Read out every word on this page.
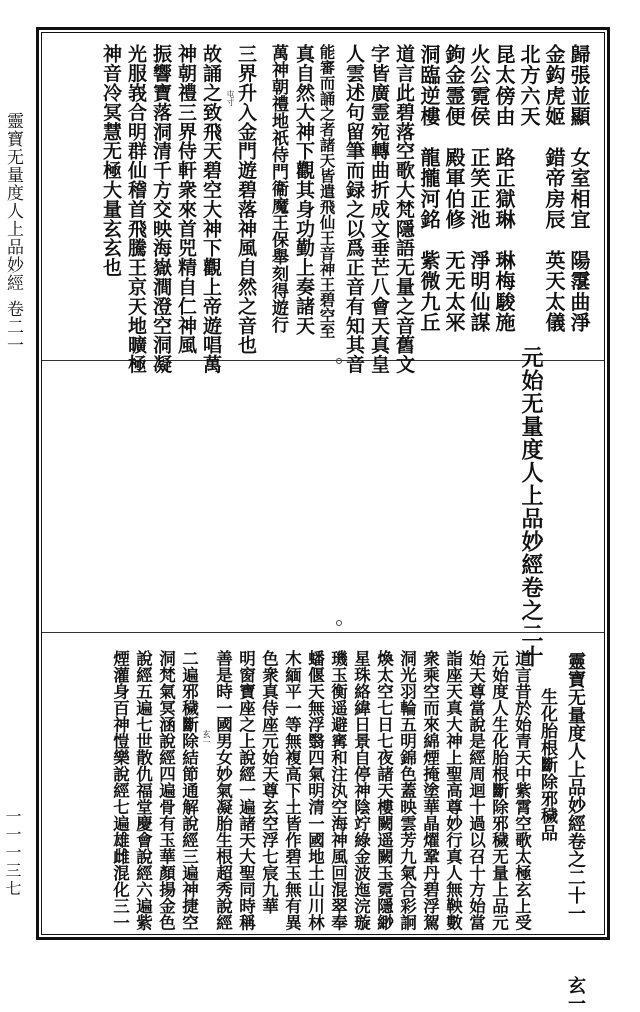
靈寶无量度人上品妙經
卷二一
一一一三七
歸張並顯　女室相宜　陽霮曲淨
金鈎虎姬　錯帝房辰　英天太儀
北方六天
昆太傍由　路正獄琳　琳梅駿施
火公霓侯　正笑正池　淨明仙謀
鉤金霊便　殿軍伯修　无无太冞
洞臨逆樓　龍攏河銘　紫微九丘
道言此碧落空歌大梵隱語无量之音舊文
字皆廣霊宛轉曲折成文垂芒八會天真皇
人雲述句留筆而録之以爲正音有知其音
能審而誦之者諸天皆遣飛仙王音神王碧空至
真自然大神下觀其身功勤上奏諸天
萬神朝禮地祇侍門衞魔王保舉刻得遊行
三界升入金門遊碧落神風自然之音也
屯寸
故誦之致飛天碧空大神下觀上帝遊唱萬
神朝禮三界侍軒衆來首兕精自仁神風
振響寶落洞清千方交映海嶽澗澄空洞凝
光服峩合明群仙稽首飛騰王京天地曠極
神音冷冥慧无極大量玄玄也
元始无量度人上品妙經卷之二十
靈寶无量度人上品妙經卷之二十一　　　玄一
生化胎根斷除邪穢品
道言昔於始青天中紫霄空歌太極玄上受
元始度人生化胎根斷除邪穢无量上品元
始天尊當說是經周迴十過以召十方始當
詣座天真大神上聖高尊妙行真人無鞅數
衆乘空而來綿煙掩塗華晶燿鞏丹碧浮駕
洞光羽輪五明錦色蓋映雲芳九氣合彩詗
煥太空七日七夜諸天樓闕遥闕玉霓隱緲
星珠絡緯日景自停神陰竚綠金波迤浣璇
璣玉衡遥避寗和注汍空海神風回混翠奉
蟠偃天無浮翳四氣明清一國地土山川林
木緬平一等無複高下土皆作碧玉無有異
色衆真侍座元始天尊玄空浮七宸九華
明窗寶座之上說經一遍諸天大聖同時稱
善是時一國男女妙氣凝胎生根超秀說經
玄一
二遍邪穢斷除結節通解說經三遍神捷空
洞梵氣冥涵說經四遍骨有玉華顏揚金色
說經五遍七世散仇福堂慶會說經六遍紫
煙灌身百神愷樂說經七遍雄雌混化三一
